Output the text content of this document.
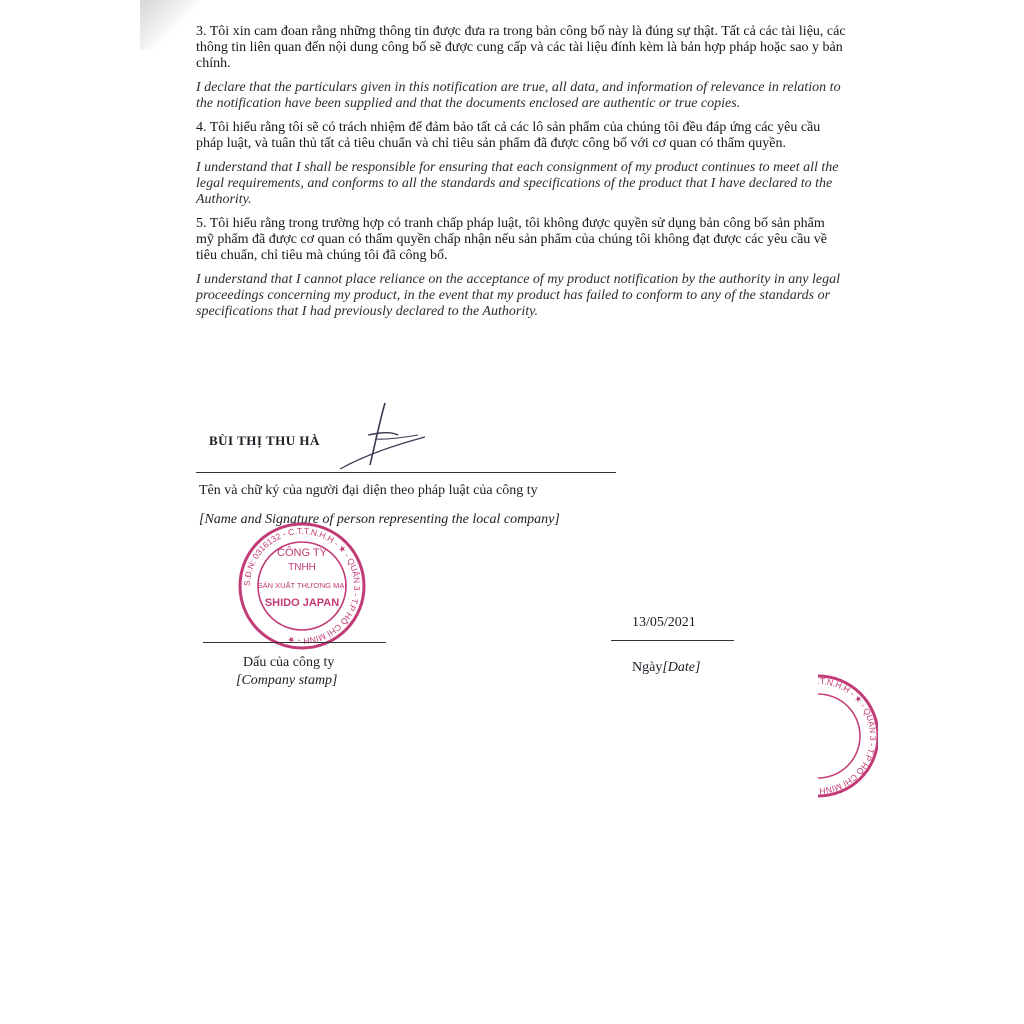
3. Tôi xin cam đoan rằng những thông tin được đưa ra trong bản công bố này là đúng sự thật. Tất cả các tài liệu, các thông tin liên quan đến nội dung công bố sẽ được cung cấp và các tài liệu đính kèm là bản hợp pháp hoặc sao y bản chính.

I declare that the particulars given in this notification are true, all data, and information of relevance in relation to the notification have been supplied and that the documents enclosed are authentic or true copies.

4. Tôi hiểu rằng tôi sẽ có trách nhiệm để đảm bảo tất cả các lô sản phẩm của chúng tôi đều đáp ứng các yêu cầu pháp luật, và tuân thủ tất cả tiêu chuẩn và chỉ tiêu sản phẩm đã được công bố với cơ quan có thẩm quyền.

I understand that I shall be responsible for ensuring that each consignment of my product continues to meet all the legal requirements, and conforms to all the standards and specifications of the product that I have declared to the Authority.

5. Tôi hiểu rằng trong trường hợp có tranh chấp pháp luật, tôi không được quyền sử dụng bản công bố sản phẩm mỹ phẩm đã được cơ quan có thẩm quyền chấp nhận nếu sản phẩm của chúng tôi không đạt được các yêu cầu về tiêu chuẩn, chỉ tiêu mà chúng tôi đã công bố.

I understand that I cannot place reliance on the acceptance of my product notification by the authority in any legal proceedings concerning my product, in the event that my product has failed to conform to any of the standards or specifications that I had previously declared to the Authority.

BÙI THỊ THU HÀ

Tên và chữ ký của người đại diện theo pháp luật của công ty

[Name and Signature of person representing the local company]

S.Đ.N: 0316132 - C.T.T.N.H.H - ★ - QUẬN 3 - T.P HỒ CHÍ MINH - ★
CÔNG TY
TNHH
SẢN XUẤT THƯƠNG MẠI
SHIDO JAPAN

Dấu của công ty

[Company stamp]

13/05/2021

Ngày[Date]

T.N.H.H - ★ - QUẬN 3 - T.P HỒ CHÍ MINH
